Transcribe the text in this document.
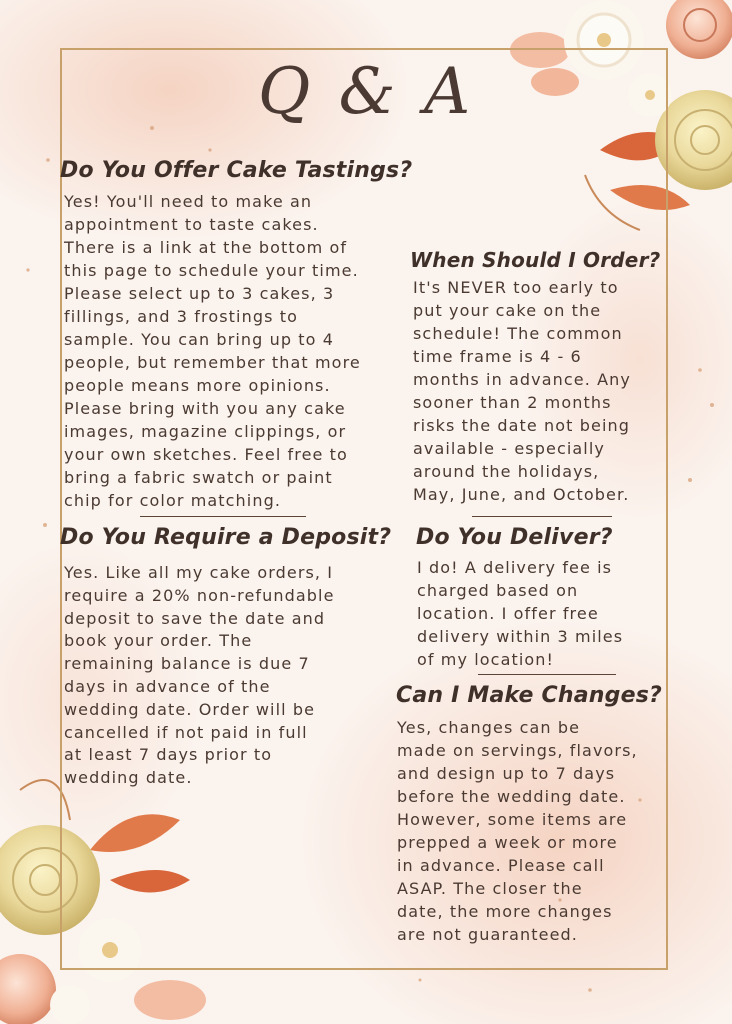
Q & A
Do You Offer Cake Tastings?
Yes! You'll need to make an
appointment to taste cakes.
There is a link at the bottom of
this page to schedule your time.
Please select up to 3 cakes, 3
fillings, and 3 frostings to
sample. You can bring up to 4
people, but remember that more
people means more opinions.
Please bring with you any cake
images, magazine clippings, or
your own sketches. Feel free to
bring a fabric swatch or paint
chip for color matching.
When Should I Order?
It's NEVER too early to
put your cake on the
schedule! The common
time frame is 4 - 6
months in advance. Any
sooner than 2 months
risks the date not being
available - especially
around the holidays,
May, June, and October.
Do You Require a Deposit?
Yes. Like all my cake orders, I
require a 20% non-refundable
deposit to save the date and
book your order. The
remaining balance is due 7
days in advance of the
wedding date. Order will be
cancelled if not paid in full
at least 7 days prior to
wedding date.
Do You Deliver?
I do! A delivery fee is
charged based on
location. I offer free
delivery within 3 miles
of my location!
Can I Make Changes?
Yes, changes can be
made on servings, flavors,
and design up to 7 days
before the wedding date.
However, some items are
prepped a week or more
in advance. Please call
ASAP. The closer the
date, the more changes
are not guaranteed.
